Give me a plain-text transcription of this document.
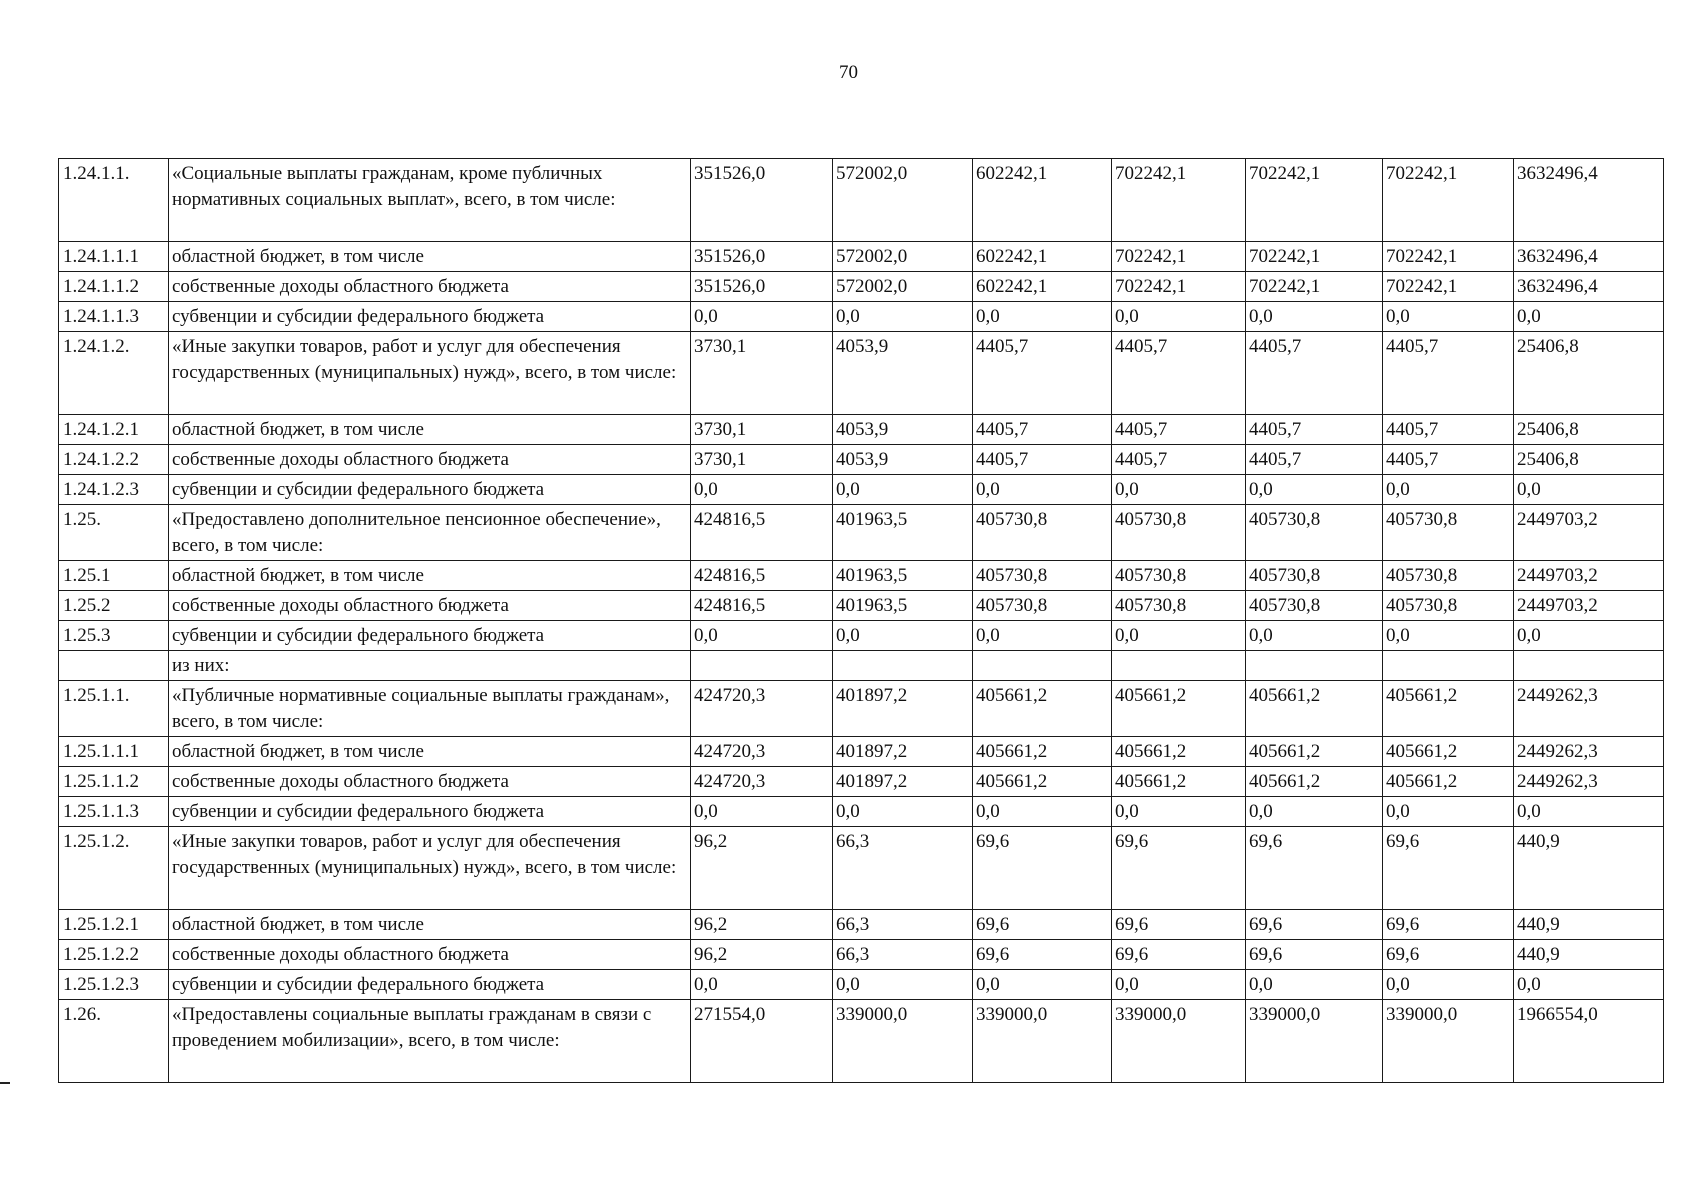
70
1.24.1.1.	«Социальные выплаты гражданам, кроме публичных нормативных социальных выплат», всего, в том числе:	351526,0	572002,0	602242,1	702242,1	702242,1	702242,1	3632496,4
1.24.1.1.1	областной бюджет, в том числе	351526,0	572002,0	602242,1	702242,1	702242,1	702242,1	3632496,4
1.24.1.1.2	собственные доходы областного бюджета	351526,0	572002,0	602242,1	702242,1	702242,1	702242,1	3632496,4
1.24.1.1.3	субвенции и субсидии федерального бюджета	0,0	0,0	0,0	0,0	0,0	0,0	0,0
1.24.1.2.	«Иные закупки товаров, работ и услуг для обеспечения государственных (муниципальных) нужд», всего, в том числе:	3730,1	4053,9	4405,7	4405,7	4405,7	4405,7	25406,8
1.24.1.2.1	областной бюджет, в том числе	3730,1	4053,9	4405,7	4405,7	4405,7	4405,7	25406,8
1.24.1.2.2	собственные доходы областного бюджета	3730,1	4053,9	4405,7	4405,7	4405,7	4405,7	25406,8
1.24.1.2.3	субвенции и субсидии федерального бюджета	0,0	0,0	0,0	0,0	0,0	0,0	0,0
1.25.	«Предоставлено дополнительное пенсионное обеспечение», всего, в том числе:	424816,5	401963,5	405730,8	405730,8	405730,8	405730,8	2449703,2
1.25.1	областной бюджет, в том числе	424816,5	401963,5	405730,8	405730,8	405730,8	405730,8	2449703,2
1.25.2	собственные доходы областного бюджета	424816,5	401963,5	405730,8	405730,8	405730,8	405730,8	2449703,2
1.25.3	субвенции и субсидии федерального бюджета	0,0	0,0	0,0	0,0	0,0	0,0	0,0
	из них:							
1.25.1.1.	«Публичные нормативные социальные выплаты гражданам», всего, в том числе:	424720,3	401897,2	405661,2	405661,2	405661,2	405661,2	2449262,3
1.25.1.1.1	областной бюджет, в том числе	424720,3	401897,2	405661,2	405661,2	405661,2	405661,2	2449262,3
1.25.1.1.2	собственные доходы областного бюджета	424720,3	401897,2	405661,2	405661,2	405661,2	405661,2	2449262,3
1.25.1.1.3	субвенции и субсидии федерального бюджета	0,0	0,0	0,0	0,0	0,0	0,0	0,0
1.25.1.2.	«Иные закупки товаров, работ и услуг для обеспечения государственных (муниципальных) нужд», всего, в том числе:	96,2	66,3	69,6	69,6	69,6	69,6	440,9
1.25.1.2.1	областной бюджет, в том числе	96,2	66,3	69,6	69,6	69,6	69,6	440,9
1.25.1.2.2	собственные доходы областного бюджета	96,2	66,3	69,6	69,6	69,6	69,6	440,9
1.25.1.2.3	субвенции и субсидии федерального бюджета	0,0	0,0	0,0	0,0	0,0	0,0	0,0
1.26.	«Предоставлены социальные выплаты гражданам в связи с проведением мобилизации», всего, в том числе:	271554,0	339000,0	339000,0	339000,0	339000,0	339000,0	1966554,0
